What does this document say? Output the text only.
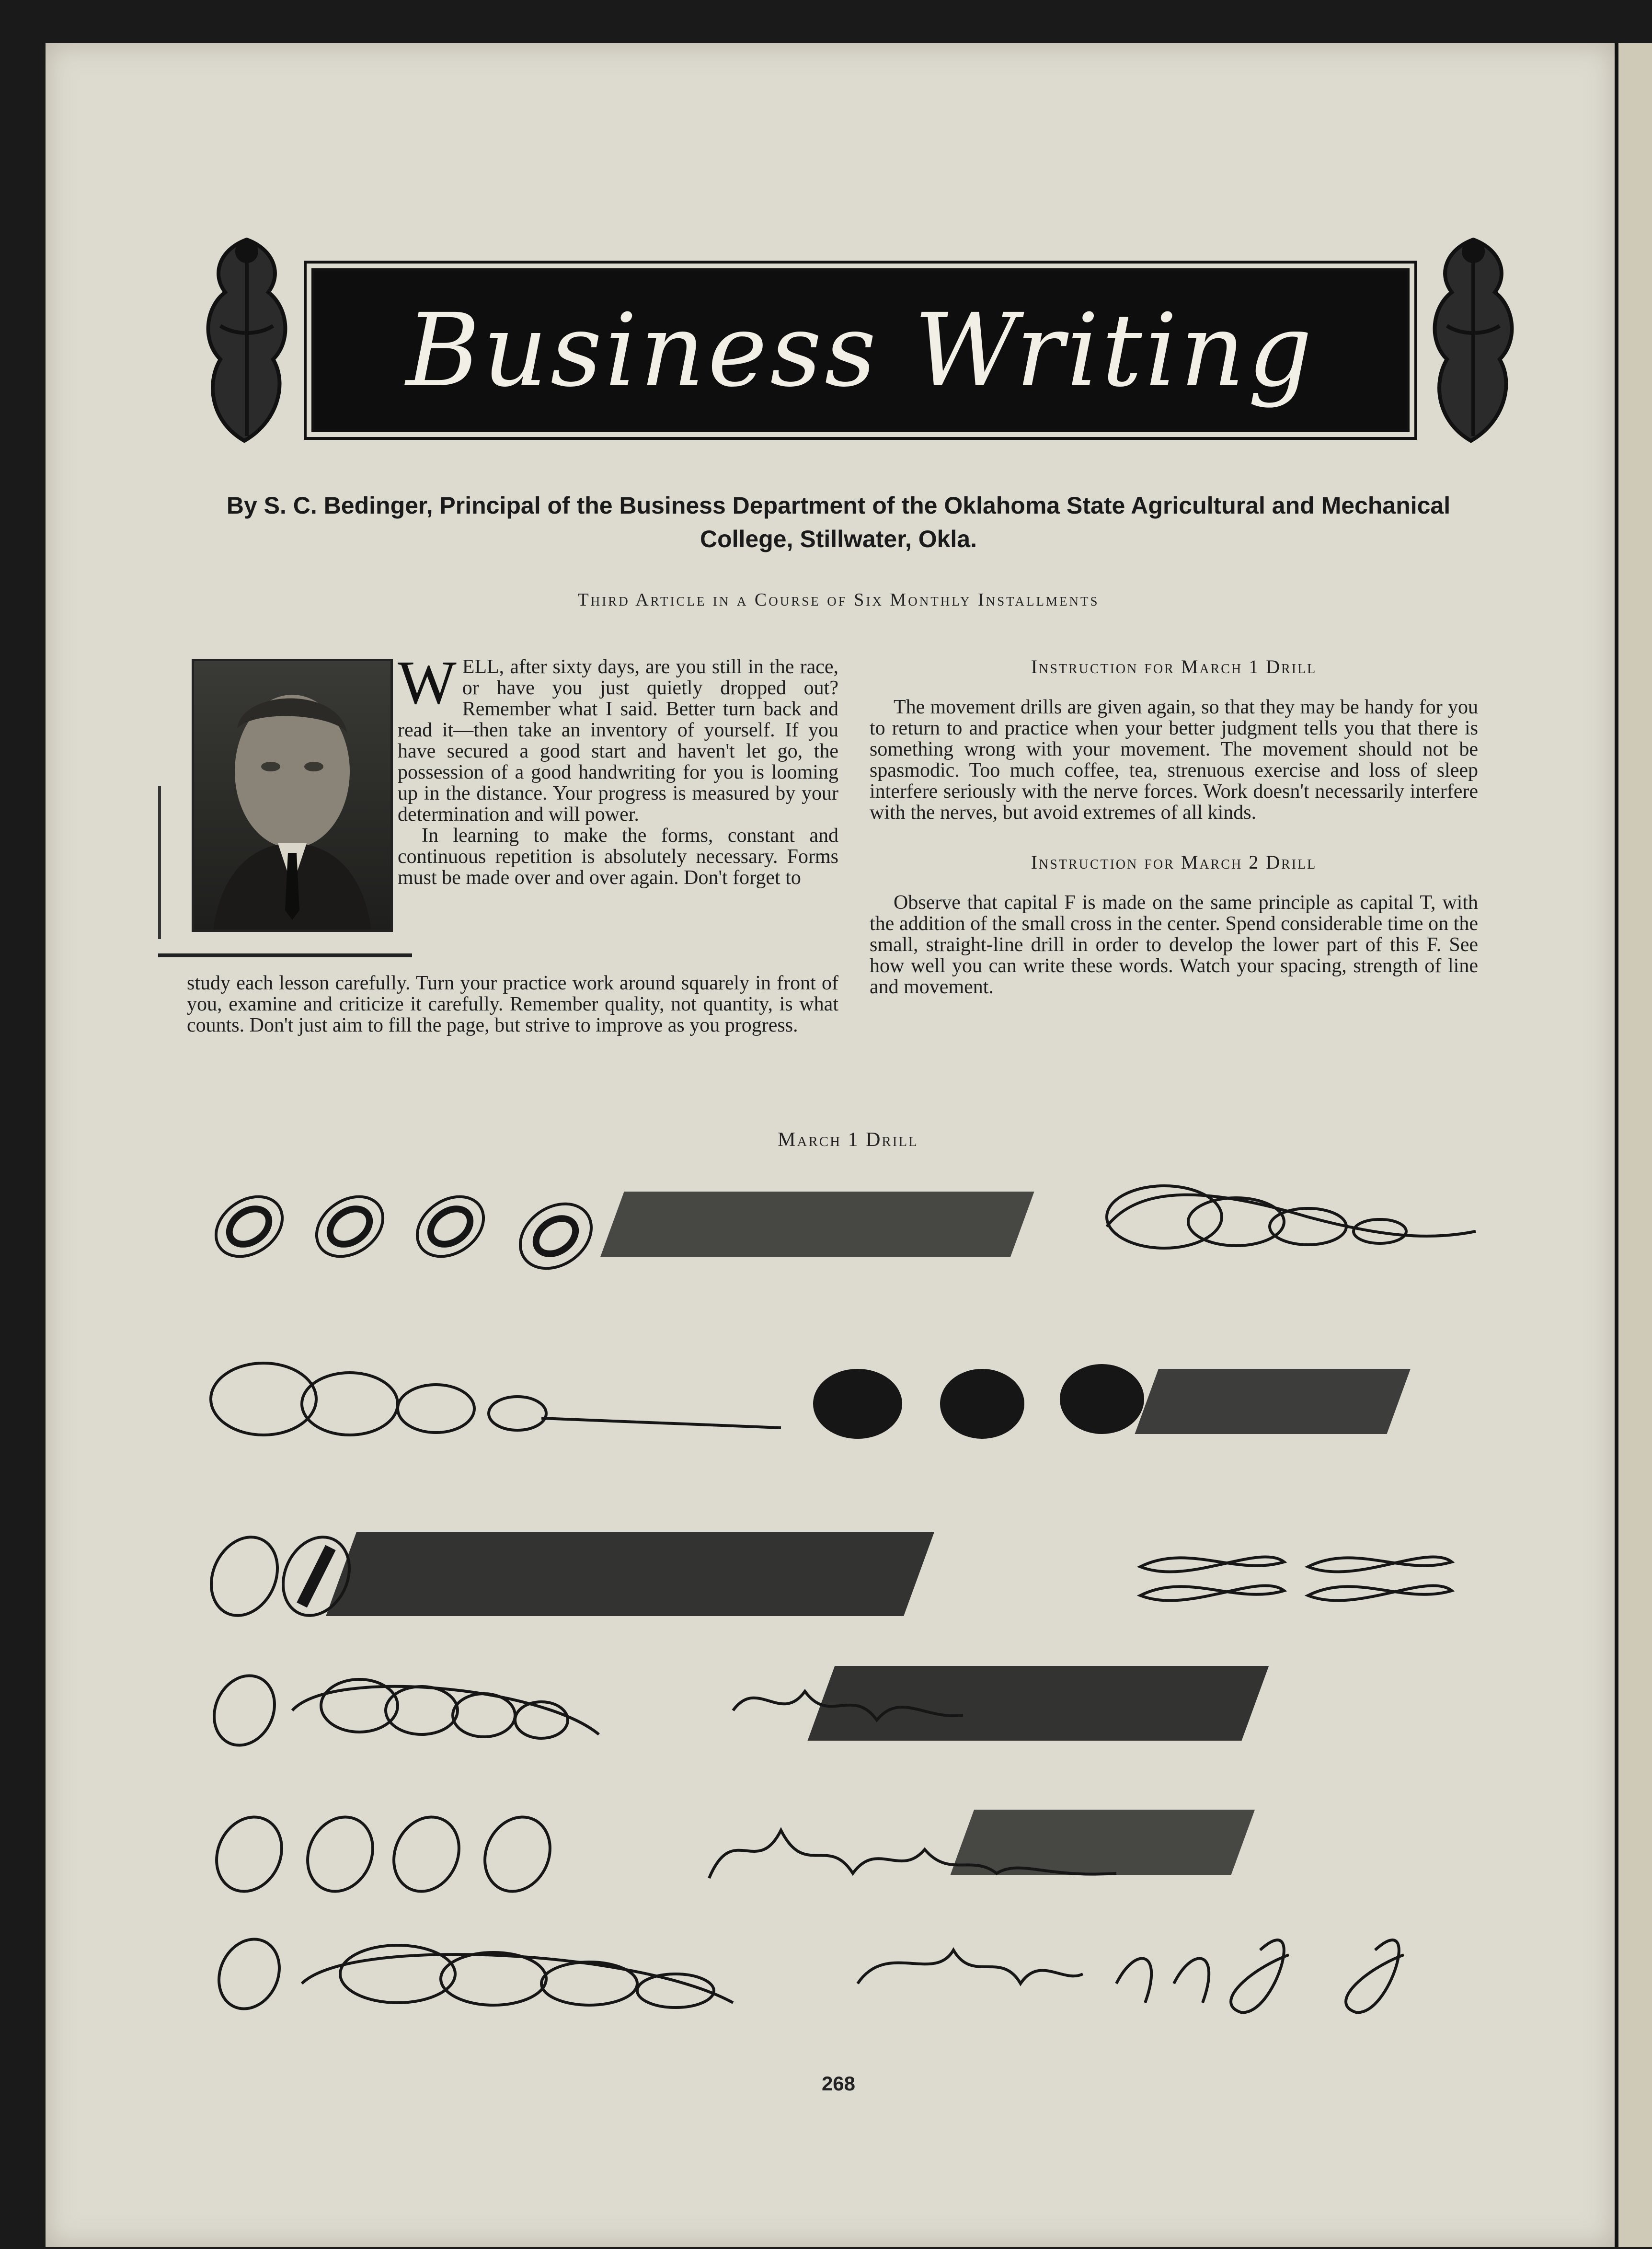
Business Writing
By S. C. Bedinger, Principal of the Business Department of the Oklahoma State Agricultural and Mechanical
College, Stillwater, Okla.
Third Article in a Course of Six Monthly Installments
W ELL, after sixty days, are you still in the race, or have you just quietly dropped out? Remember what I said. Better turn back and read it—then take an inventory of yourself. If you have secured a good start and haven't let go, the possession of a good handwriting for you is looming up in the distance. Your progress is measured by your determination and will power.

In learning to make the forms, constant and continuous repetition is absolutely necessary. Forms must be made over and over again. Don't forget to

study each lesson carefully. Turn your practice work around squarely in front of you, examine and criticize it carefully. Remember quality, not quantity, is what counts. Don't just aim to fill the page, but strive to improve as you progress.

Instruction for March 1 Drill

The movement drills are given again, so that they may be handy for you to return to and practice when your better judgment tells you that there is something wrong with your movement. The movement should not be spasmodic. Too much coffee, tea, strenuous exercise and loss of sleep interfere seriously with the nerve forces. Work doesn't necessarily interfere with the nerves, but avoid extremes of all kinds.

Instruction for March 2 Drill

Observe that capital F is made on the same principle as capital T, with the addition of the small cross in the center. Spend considerable time on the small, straight-line drill in order to develop the lower part of this F. See how well you can write these words. Watch your spacing, strength of line and movement.

March 1 Drill
268
